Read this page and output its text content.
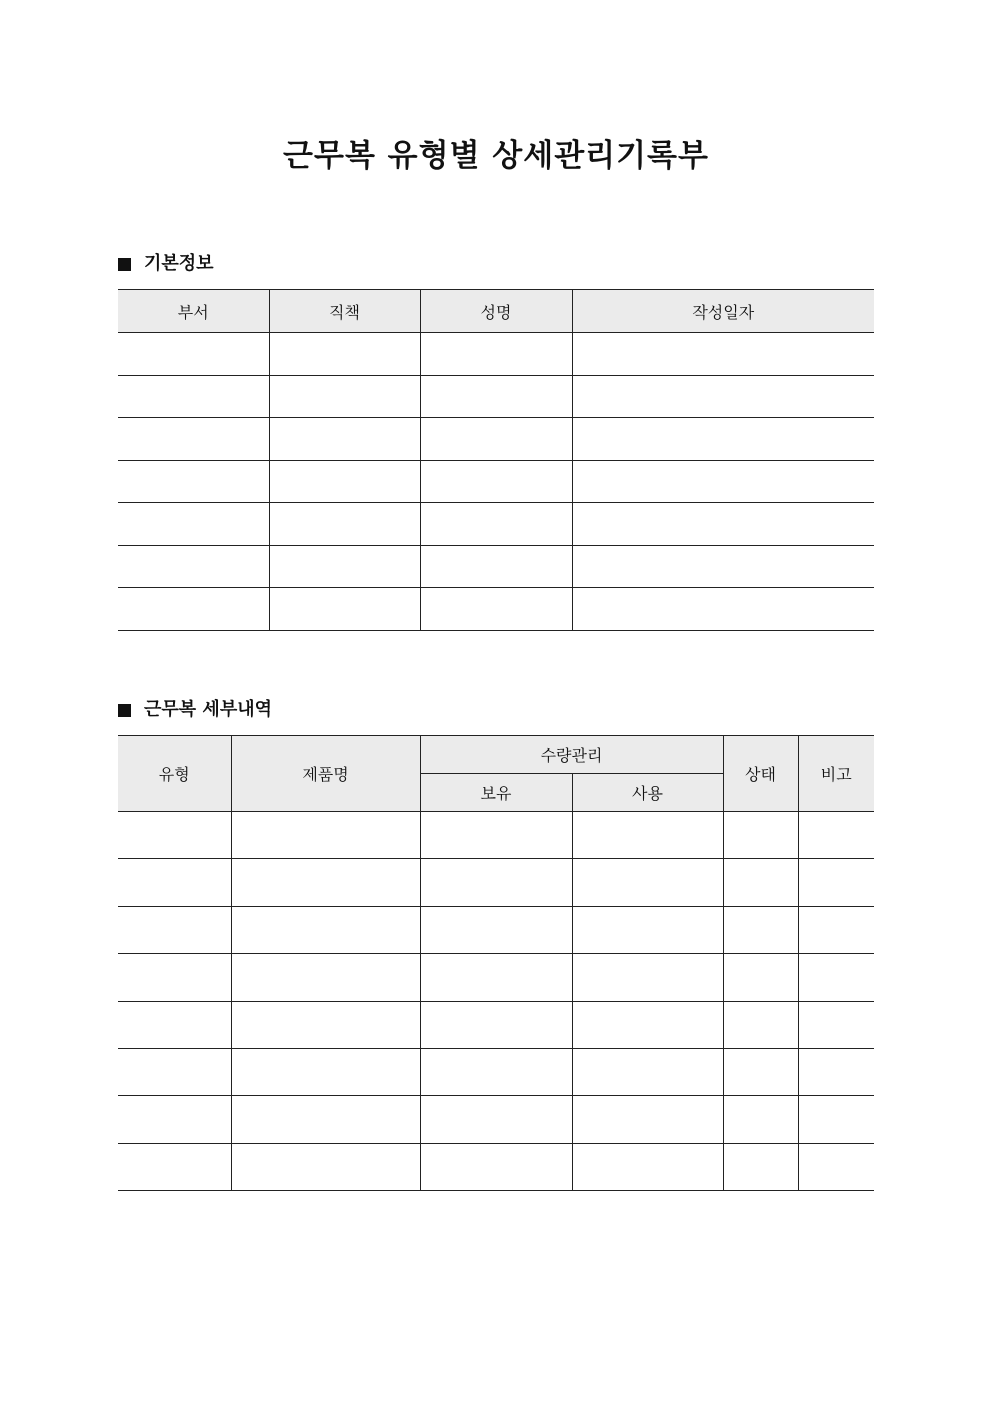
근무복 유형별 상세관리기록부
기본정보
부서	직책	성명	작성일자

근무복 세부내역
유형	제품명	수량관리		상태	비고
		보유	사용		
